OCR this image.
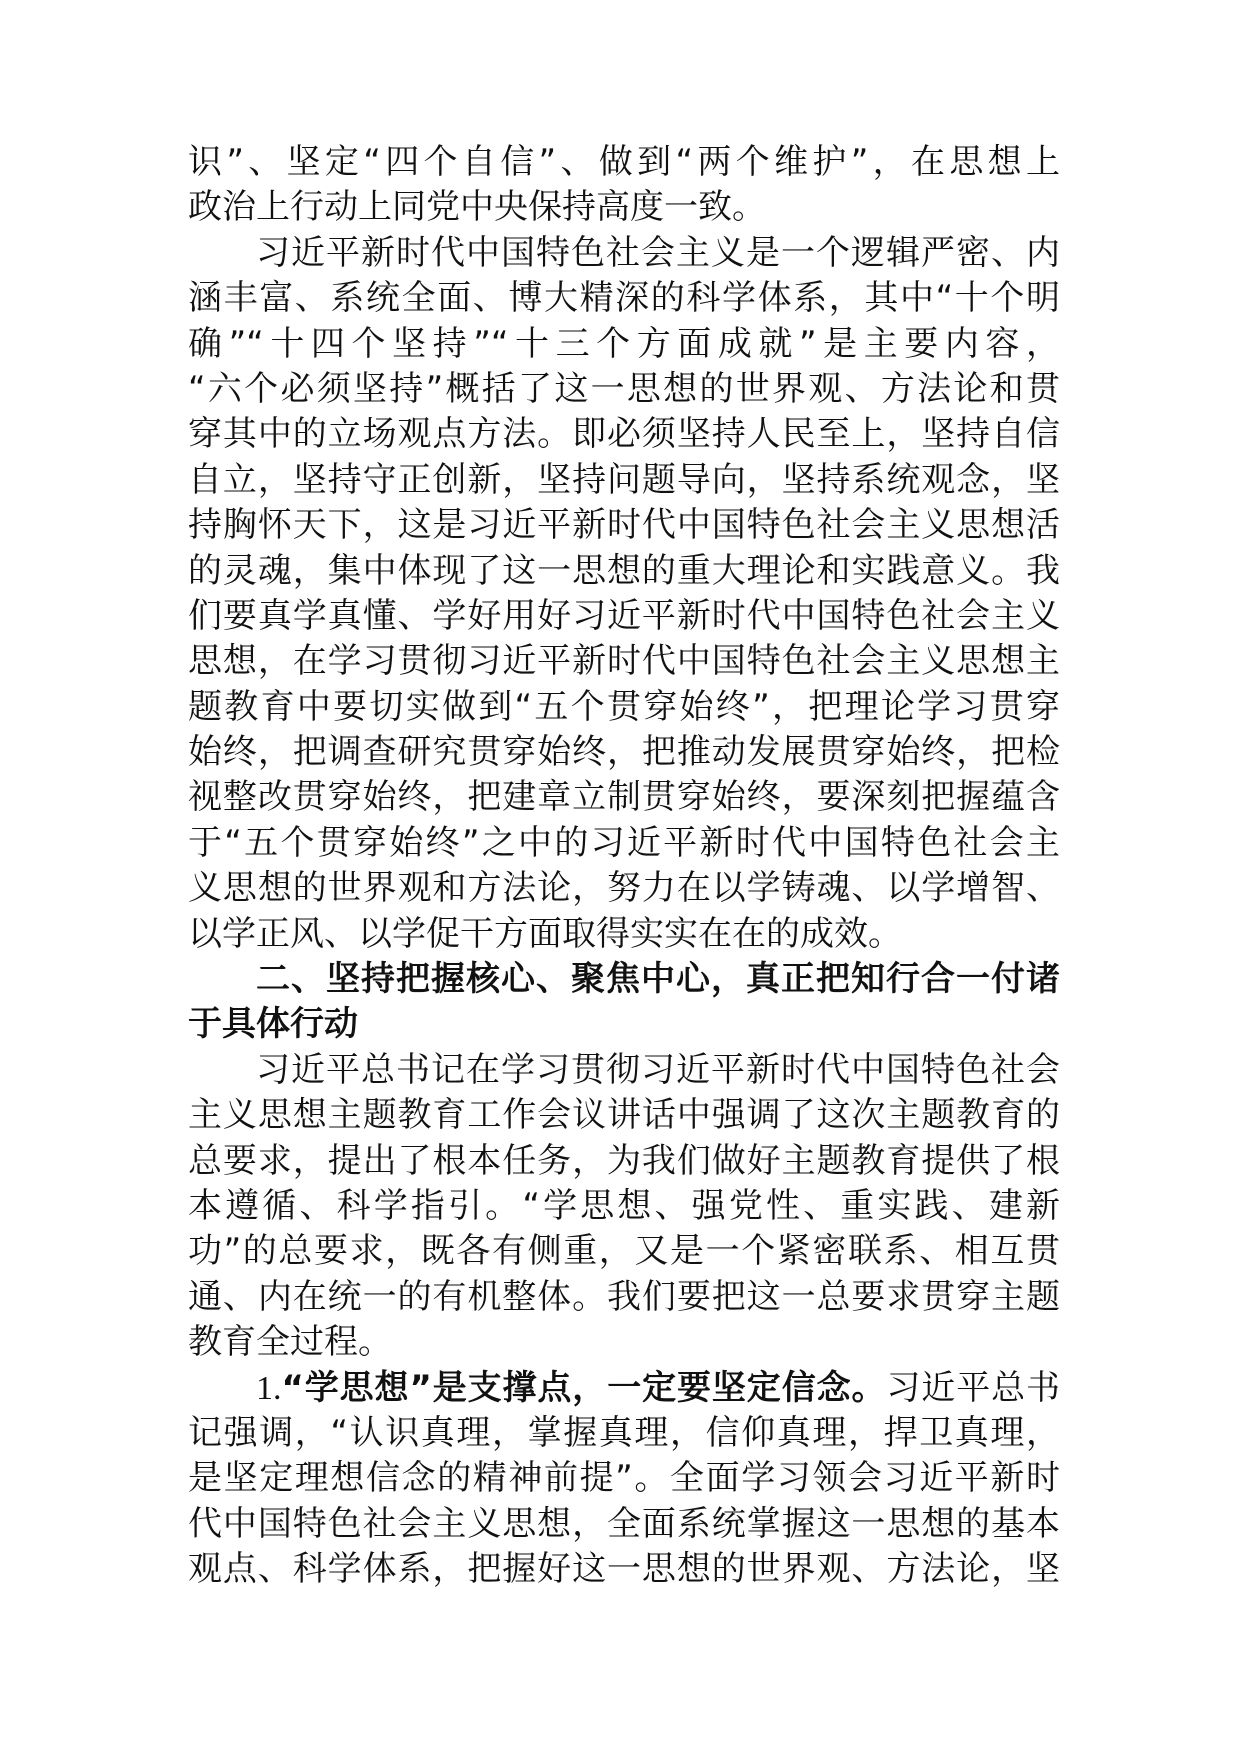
识”、坚定“四个自信”、做到“两个维护”，在思想上
政治上行动上同党中央保持高度一致。
习近平新时代中国特色社会主义是一个逻辑严密、内
涵丰富、系统全面、博大精深的科学体系，其中“十个明
确”“十四个坚持”“十三个方面成就”是主要内容，
“六个必须坚持”概括了这一思想的世界观、方法论和贯
穿其中的立场观点方法。即必须坚持人民至上，坚持自信
自立，坚持守正创新，坚持问题导向，坚持系统观念，坚
持胸怀天下，这是习近平新时代中国特色社会主义思想活
的灵魂，集中体现了这一思想的重大理论和实践意义。我
们要真学真懂、学好用好习近平新时代中国特色社会主义
思想，在学习贯彻习近平新时代中国特色社会主义思想主
题教育中要切实做到“五个贯穿始终”，把理论学习贯穿
始终，把调查研究贯穿始终，把推动发展贯穿始终，把检
视整改贯穿始终，把建章立制贯穿始终，要深刻把握蕴含
于“五个贯穿始终”之中的习近平新时代中国特色社会主
义思想的世界观和方法论，努力在以学铸魂、以学增智、
以学正风、以学促干方面取得实实在在的成效。
二、坚持把握核心、聚焦中心，真正把知行合一付诸
于具体行动
习近平总书记在学习贯彻习近平新时代中国特色社会
主义思想主题教育工作会议讲话中强调了这次主题教育的
总要求，提出了根本任务，为我们做好主题教育提供了根
本遵循、科学指引。“学思想、强党性、重实践、建新
功”的总要求，既各有侧重，又是一个紧密联系、相互贯
通、内在统一的有机整体。我们要把这一总要求贯穿主题
教育全过程。
1.“学思想”是支撑点，一定要坚定信念。习近平总书
记强调，“认识真理，掌握真理，信仰真理，捍卫真理，
是坚定理想信念的精神前提”。全面学习领会习近平新时
代中国特色社会主义思想，全面系统掌握这一思想的基本
观点、科学体系，把握好这一思想的世界观、方法论，坚
